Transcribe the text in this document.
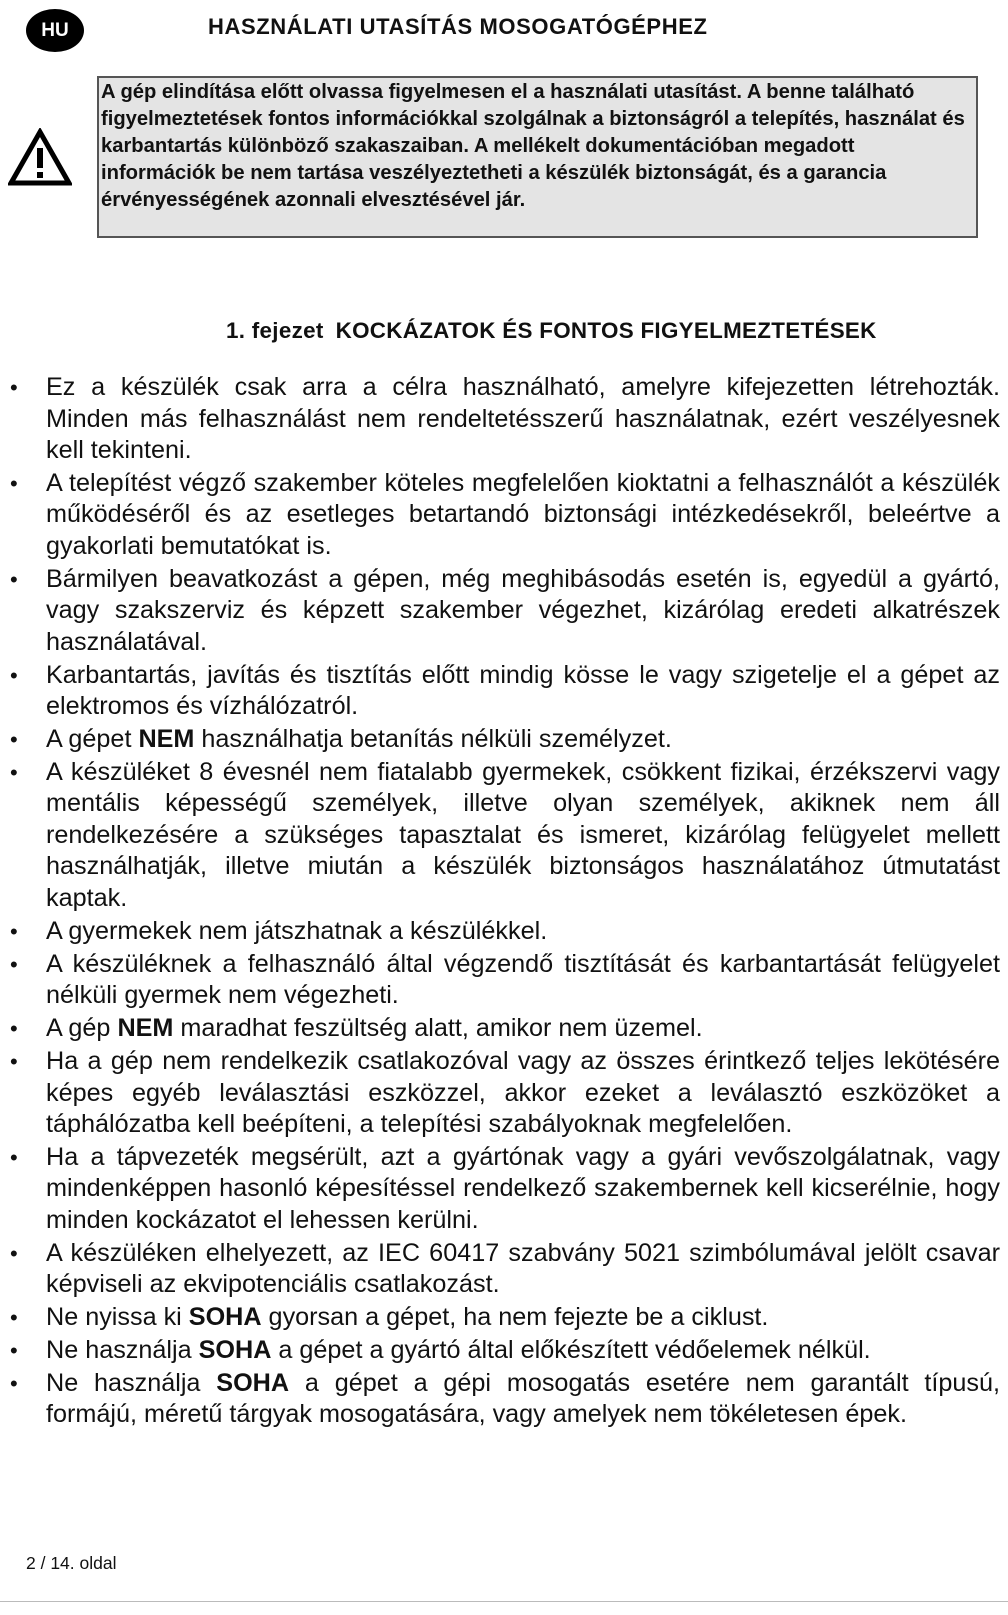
HU	HASZNÁLATI UTASÍTÁS MOSOGATÓGÉPHEZ

A gép elindítása előtt olvassa figyelmesen el a használati utasítást. A benne található figyelmeztetések fontos információkkal szolgálnak a biztonságról a telepítés, használat és karbantartás különböző szakaszaiban. A mellékelt dokumentációban megadott információk be nem tartása veszélyeztetheti a készülék biztonságát, és a garancia érvényességének azonnali elvesztésével jár.

1. fejezet KOCKÁZATOK ÉS FONTOS FIGYELMEZTETÉSEK
• Ez a készülék csak arra a célra használható, amelyre kifejezetten létrehozták. Minden más felhasználást nem rendeltetésszerű használatnak, ezért veszélyesnek kell tekinteni.
• A telepítést végző szakember köteles megfelelően kioktatni a felhasználót a készülék működéséről és az esetleges betartandó biztonsági intézkedésekről, beleértve a gyakorlati bemutatókat is.
• Bármilyen beavatkozást a gépen, még meghibásodás esetén is, egyedül a gyártó, vagy szakszerviz és képzett szakember végezhet, kizárólag eredeti alkatrészek használatával.
• Karbantartás, javítás és tisztítás előtt mindig kösse le vagy szigetelje el a gépet az elektromos és vízhálózatról.
• A gépet NEM használhatja betanítás nélküli személyzet.
• A készüléket 8 évesnél nem fiatalabb gyermekek, csökkent fizikai, érzékszervi vagy mentális képességű személyek, illetve olyan személyek, akiknek nem áll rendelkezésére a szükséges tapasztalat és ismeret, kizárólag felügyelet mellett használhatják, illetve miután a készülék biztonságos használatához útmutatást kaptak.
• A gyermekek nem játszhatnak a készülékkel.
• A készüléknek a felhasználó által végzendő tisztítását és karbantartását felügyelet nélküli gyermek nem végezheti.
• A gép NEM maradhat feszültség alatt, amikor nem üzemel.
• Ha a gép nem rendelkezik csatlakozóval vagy az összes érintkező teljes lekötésére képes egyéb leválasztási eszközzel, akkor ezeket a leválasztó eszközöket a táphálózatba kell beépíteni, a telepítési szabályoknak megfelelően.
• Ha a tápvezeték megsérült, azt a gyártónak vagy a gyári vevőszolgálatnak, vagy mindenképpen hasonló képesítéssel rendelkező szakembernek kell kicserélnie, hogy minden kockázatot el lehessen kerülni.
• A készüléken elhelyezett, az IEC 60417 szabvány 5021 szimbólumával jelölt csavar képviseli az ekvipotenciális csatlakozást.
• Ne nyissa ki SOHA gyorsan a gépet, ha nem fejezte be a ciklust.
• Ne használja SOHA a gépet a gyártó által előkészített védőelemek nélkül.
• Ne használja SOHA a gépet a gépi mosogatás esetére nem garantált típusú, formájú, méretű tárgyak mosogatására, vagy amelyek nem tökéletesen épek.

2 / 14. oldal
